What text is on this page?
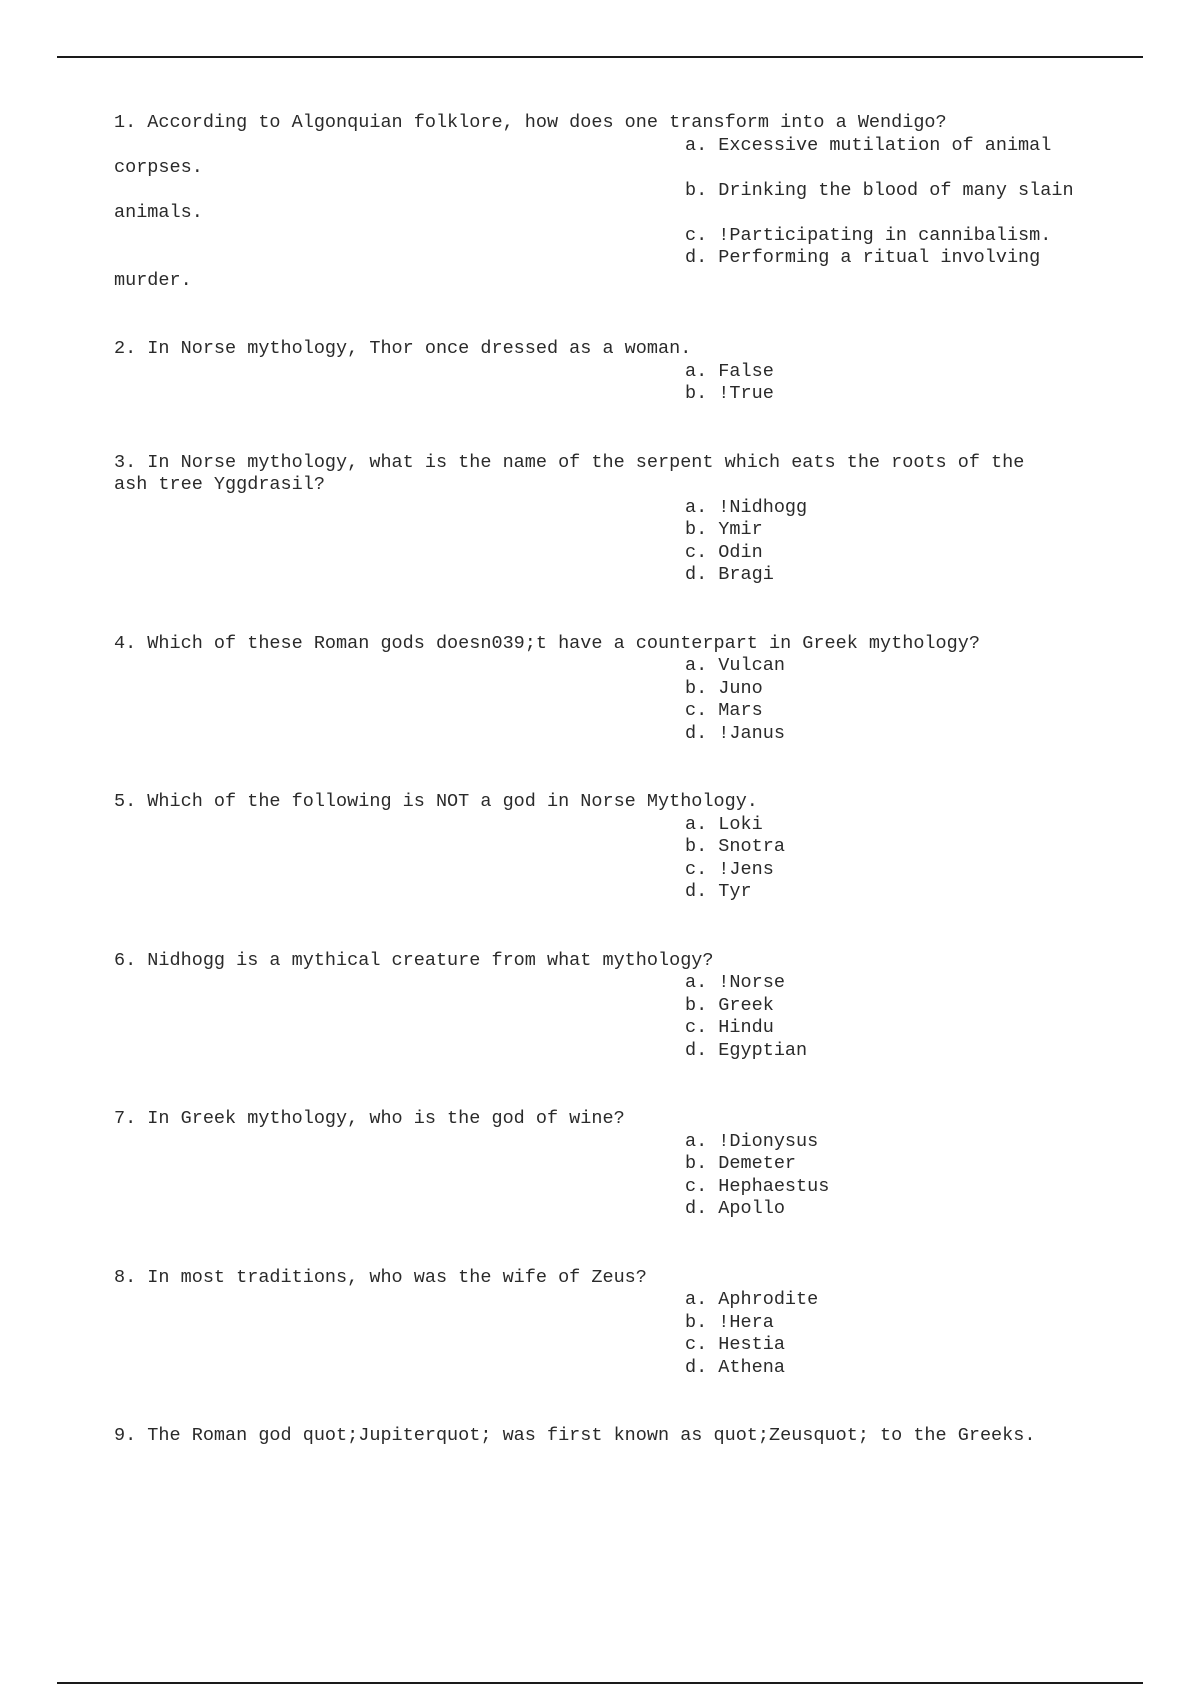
1. According to Algonquian folklore, how does one transform into a Wendigo?

a. Excessive mutilation of animal

corpses.

b. Drinking the blood of many slain

animals.

c. !Participating in cannibalism.

d. Performing a ritual involving

murder.

2. In Norse mythology, Thor once dressed as a woman.

a. False

b. !True

3. In Norse mythology, what is the name of the serpent which eats the roots of the

ash tree Yggdrasil?

a. !Nidhogg

b. Ymir

c. Odin

d. Bragi

4. Which of these Roman gods doesn039;t have a counterpart in Greek mythology?

a. Vulcan

b. Juno

c. Mars

d. !Janus

5. Which of the following is NOT a god in Norse Mythology.

a. Loki

b. Snotra

c. !Jens

d. Tyr

6. Nidhogg is a mythical creature from what mythology?

a. !Norse

b. Greek

c. Hindu

d. Egyptian

7. In Greek mythology, who is the god of wine?

a. !Dionysus

b. Demeter

c. Hephaestus

d. Apollo

8. In most traditions, who was the wife of Zeus?

a. Aphrodite

b. !Hera

c. Hestia

d. Athena

9. The Roman god quot;Jupiterquot; was first known as quot;Zeusquot; to the Greeks.
